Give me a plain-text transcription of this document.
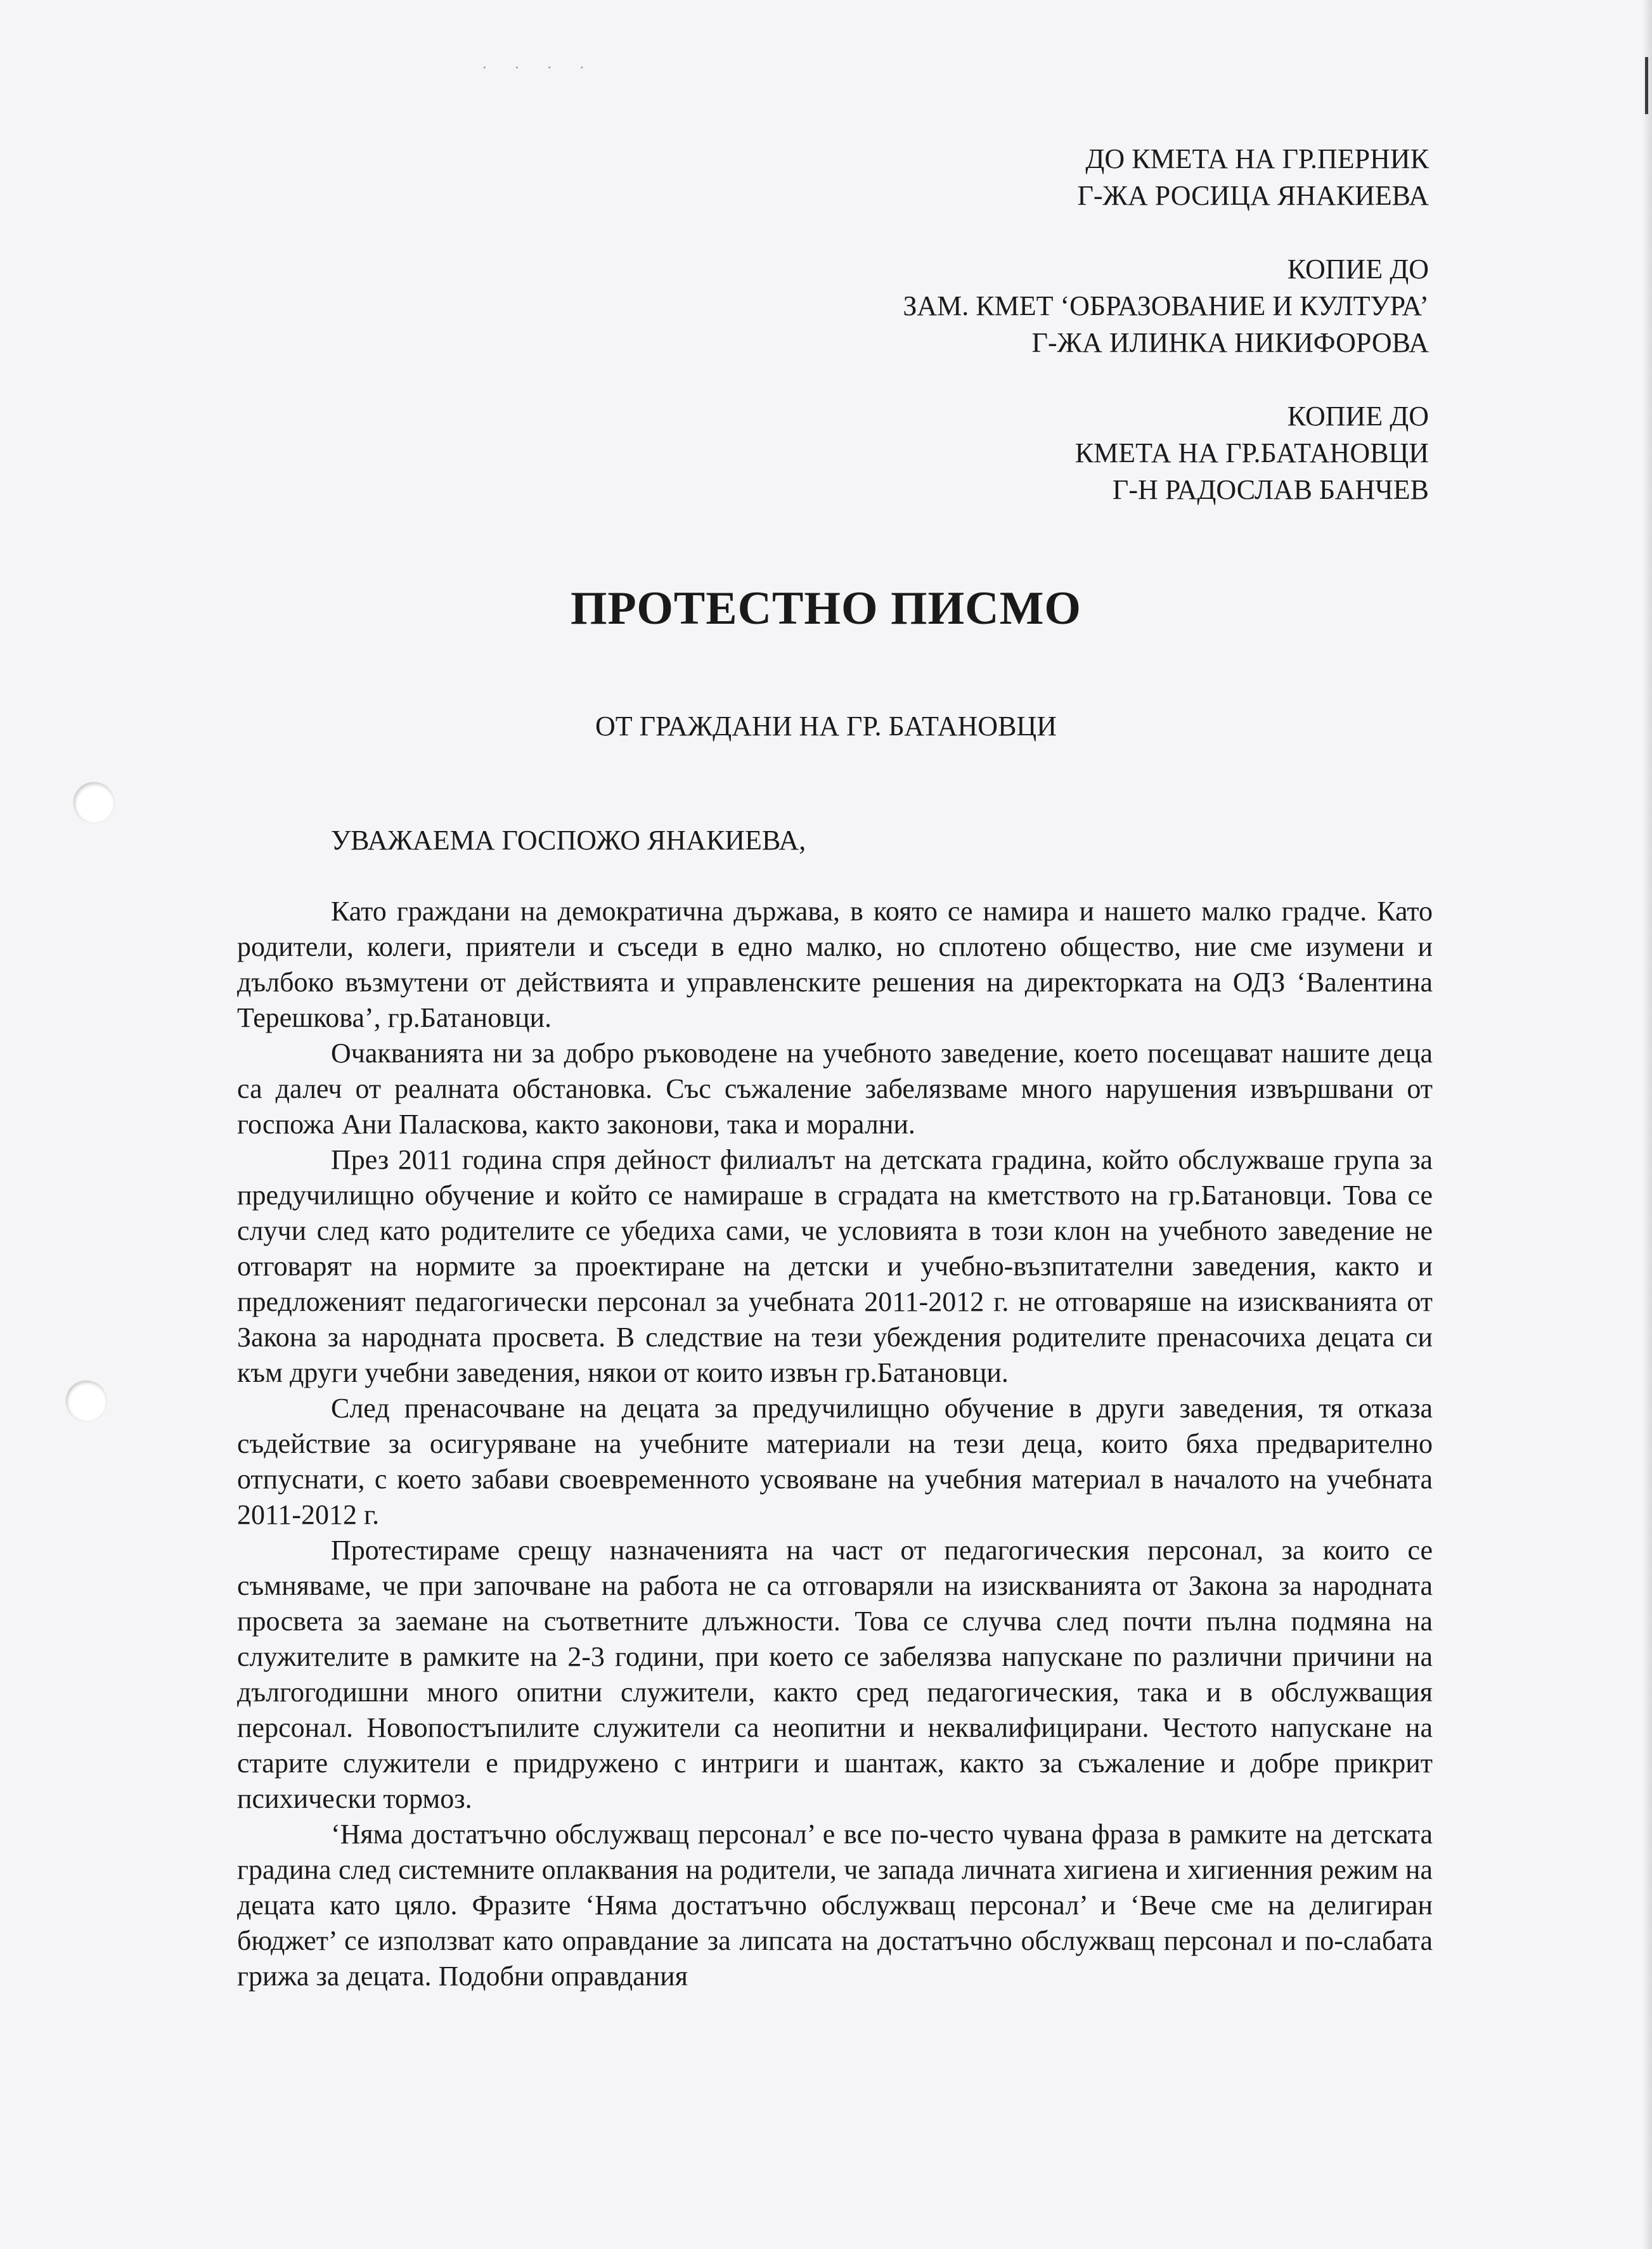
· · · ·
ДО КМЕТА НА ГР.ПЕРНИК
Г-ЖА РОСИЦА ЯНАКИЕВА
КОПИЕ ДО
ЗАМ. КМЕТ ‘ОБРАЗОВАНИЕ И КУЛТУРА’
Г-ЖА ИЛИНКА НИКИФОРОВА
КОПИЕ ДО
КМЕТА НА ГР.БАТАНОВЦИ
Г-Н РАДОСЛАВ БАНЧЕВ
ПРОТЕСТНО ПИСМО
ОТ ГРАЖДАНИ НА ГР. БАТАНОВЦИ
УВАЖАЕМА ГОСПОЖО ЯНАКИЕВА,

Като граждани на демократична държава, в която се намира и нашето малко градче. Като родители, колеги, приятели и съседи в едно малко, но сплотено общество, ние сме изумени и дълбоко възмутени от действията и управленските решения на директорката на ОДЗ ‘Валентина Терешкова’, гр.Батановци.

Очакванията ни за добро ръководене на учебното заведение, което посещават нашите деца са далеч от реалната обстановка. Със съжаление забелязваме много нарушения извършвани от госпожа Ани Паласкова, както законови, така и морални.

През 2011 година спря дейност филиалът на детската градина, който обслужваше група за предучилищно обучение и който се намираше в сградата на кметството на гр.Батановци. Това се случи след като родителите се убедиха сами, че условията в този клон на учебното заведение не отговарят на нормите за проектиране на детски и учебно-възпитателни заведения, както и предложеният педагогически персонал за учебната 2011-2012 г. не отговаряше на изискванията от Закона за народната просвета. В следствие на тези убеждения родителите пренасочиха децата си към други учебни заведения, някои от които извън гр.Батановци.

След пренасочване на децата за предучилищно обучение в други заведения, тя отказа съдействие за осигуряване на учебните материали на тези деца, които бяха предварително отпуснати, с което забави своевременното усвояване на учебния материал в началото на учебната 2011-2012 г.

Протестираме срещу назначенията на част от педагогическия персонал, за които се съмняваме, че при започване на работа не са отговаряли на изискванията от Закона за народната просвета за заемане на съответните длъжности. Това се случва след почти пълна подмяна на служителите в рамките на 2-3 години, при което се забелязва напускане по различни причини на дългогодишни много опитни служители, както сред педагогическия, така и в обслужващия персонал. Новопостъпилите служители са неопитни и неквалифицирани. Честото напускане на старите служители е придружено с интриги и шантаж, както за съжаление и добре прикрит психически тормоз.

‘Няма достатъчно обслужващ персонал’ е все по-често чувана фраза в рамките на детската градина след системните оплаквания на родители, че запада личната хигиена и хигиенния режим на децата като цяло. Фразите ‘Няма достатъчно обслужващ персонал’ и ‘Вече сме на делигиран бюджет’ се използват като оправдание за липсата на достатъчно обслужващ персонал и по-слабата грижа за децата. Подобни оправдания
